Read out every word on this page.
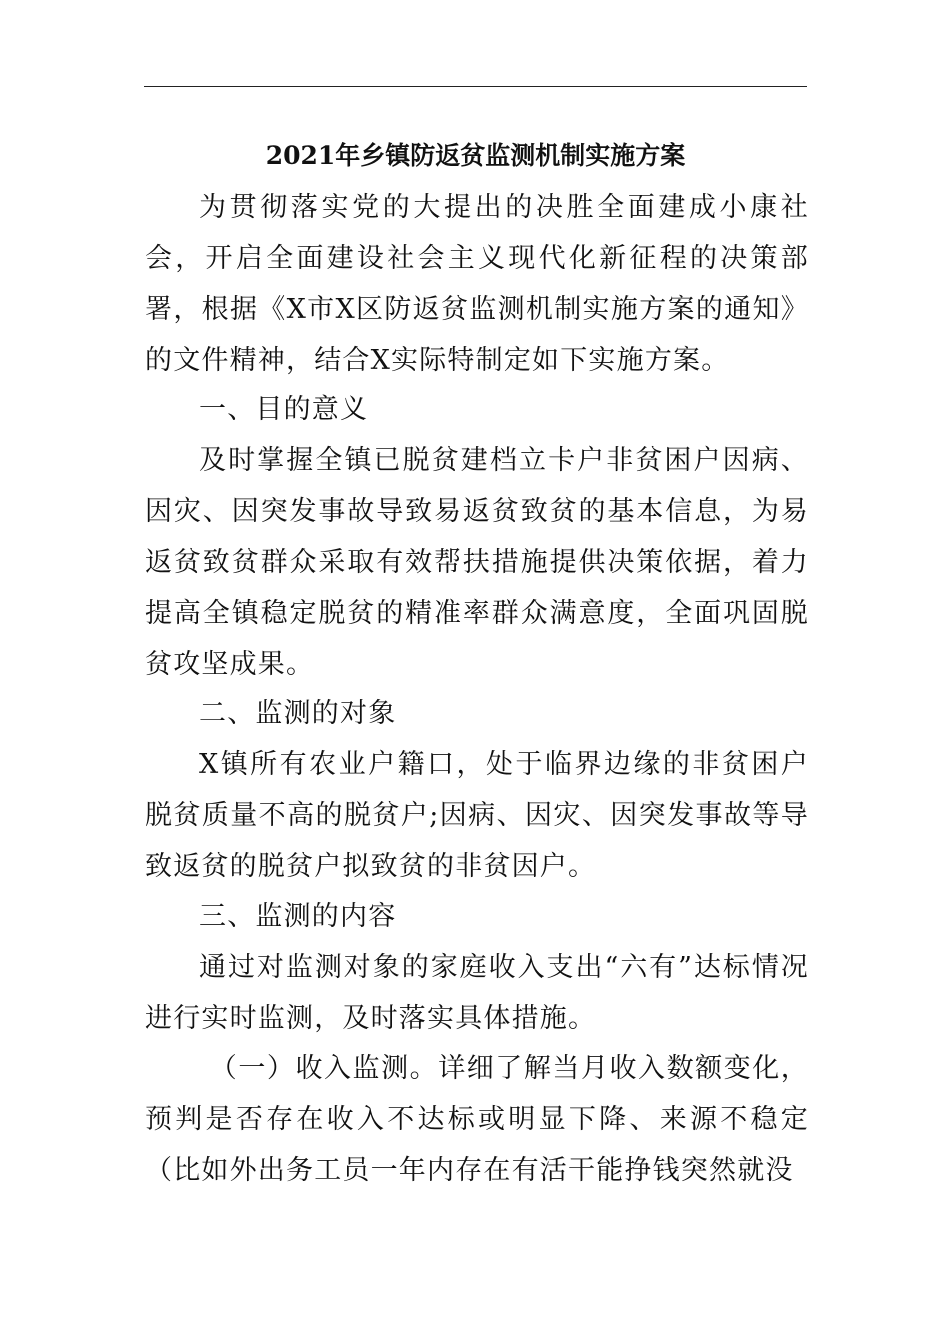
2021年乡镇防返贫监测机制实施方案

为贯彻落实党的大提出的决胜全面建成小康社会，开启全面建设社会主义现代化新征程的决策部署，根据《X市X区防返贫监测机制实施方案的通知》的文件精神，结合X实际特制定如下实施方案。

一、目的意义

及时掌握全镇已脱贫建档立卡户非贫困户因病、因灾、因突发事故导致易返贫致贫的基本信息，为易返贫致贫群众采取有效帮扶措施提供决策依据，着力提高全镇稳定脱贫的精准率群众满意度，全面巩固脱贫攻坚成果。

二、监测的对象

X镇所有农业户籍口，处于临界边缘的非贫困户脱贫质量不高的脱贫户;因病、因灾、因突发事故等导致返贫的脱贫户拟致贫的非贫因户。

三、监测的内容

通过对监测对象的家庭收入支出“六有”达标情况进行实时监测，及时落实具体措施。

（一）收入监测。详细了解当月收入数额变化，预判是否存在收入不达标或明显下降、来源不稳定（比如外出务工员一年内存在有活干能挣钱突然就没
